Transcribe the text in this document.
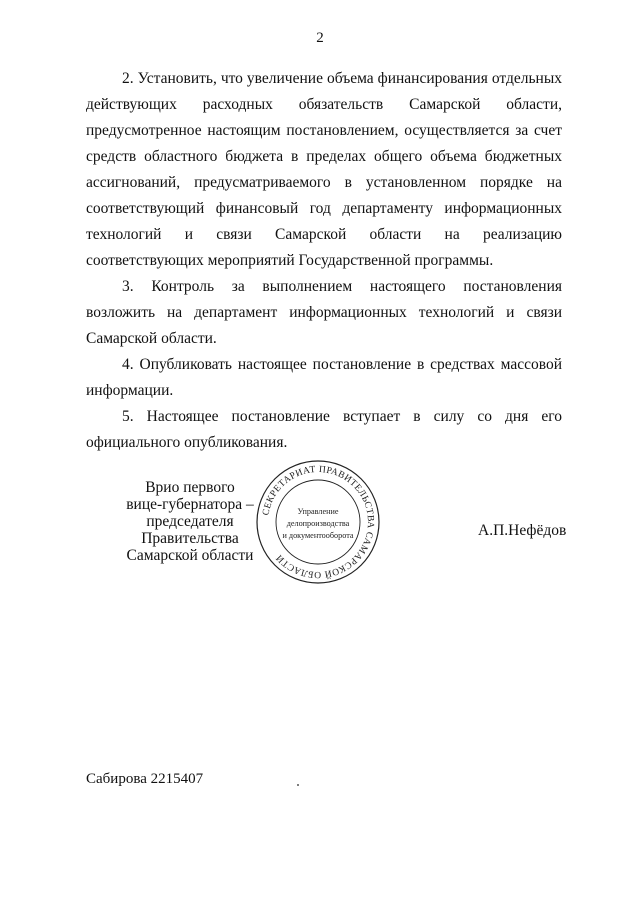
2

2. Установить, что увеличение объема финансирования отдельных действующих расходных обязательств Самарской области, предусмотренное настоящим постановлением, осуществляется за счет средств областного бюджета в пределах общего объема бюджетных ассигнований, предусматриваемого в установленном порядке на соответствующий финансовый год департаменту информационных технологий и связи Самарской области на реализацию соответствующих мероприятий Государственной программы.

3. Контроль за выполнением настоящего постановления возложить на департамент информационных технологий и связи Самарской области.

4. Опубликовать настоящее постановление в средствах массовой информации.

5. Настоящее постановление вступает в силу со дня его официального опубликования.

СЕКРЕТАРИАТ ПРАВИТЕЛЬСТВА САМАРСКОЙ ОБЛАСТИ
Управление
делопроизводства
и документооборота
Врио первого
вице-губернатора –
председателя Правительства
Самарской области
А.П.Нефёдов
Сабирова 2215407
